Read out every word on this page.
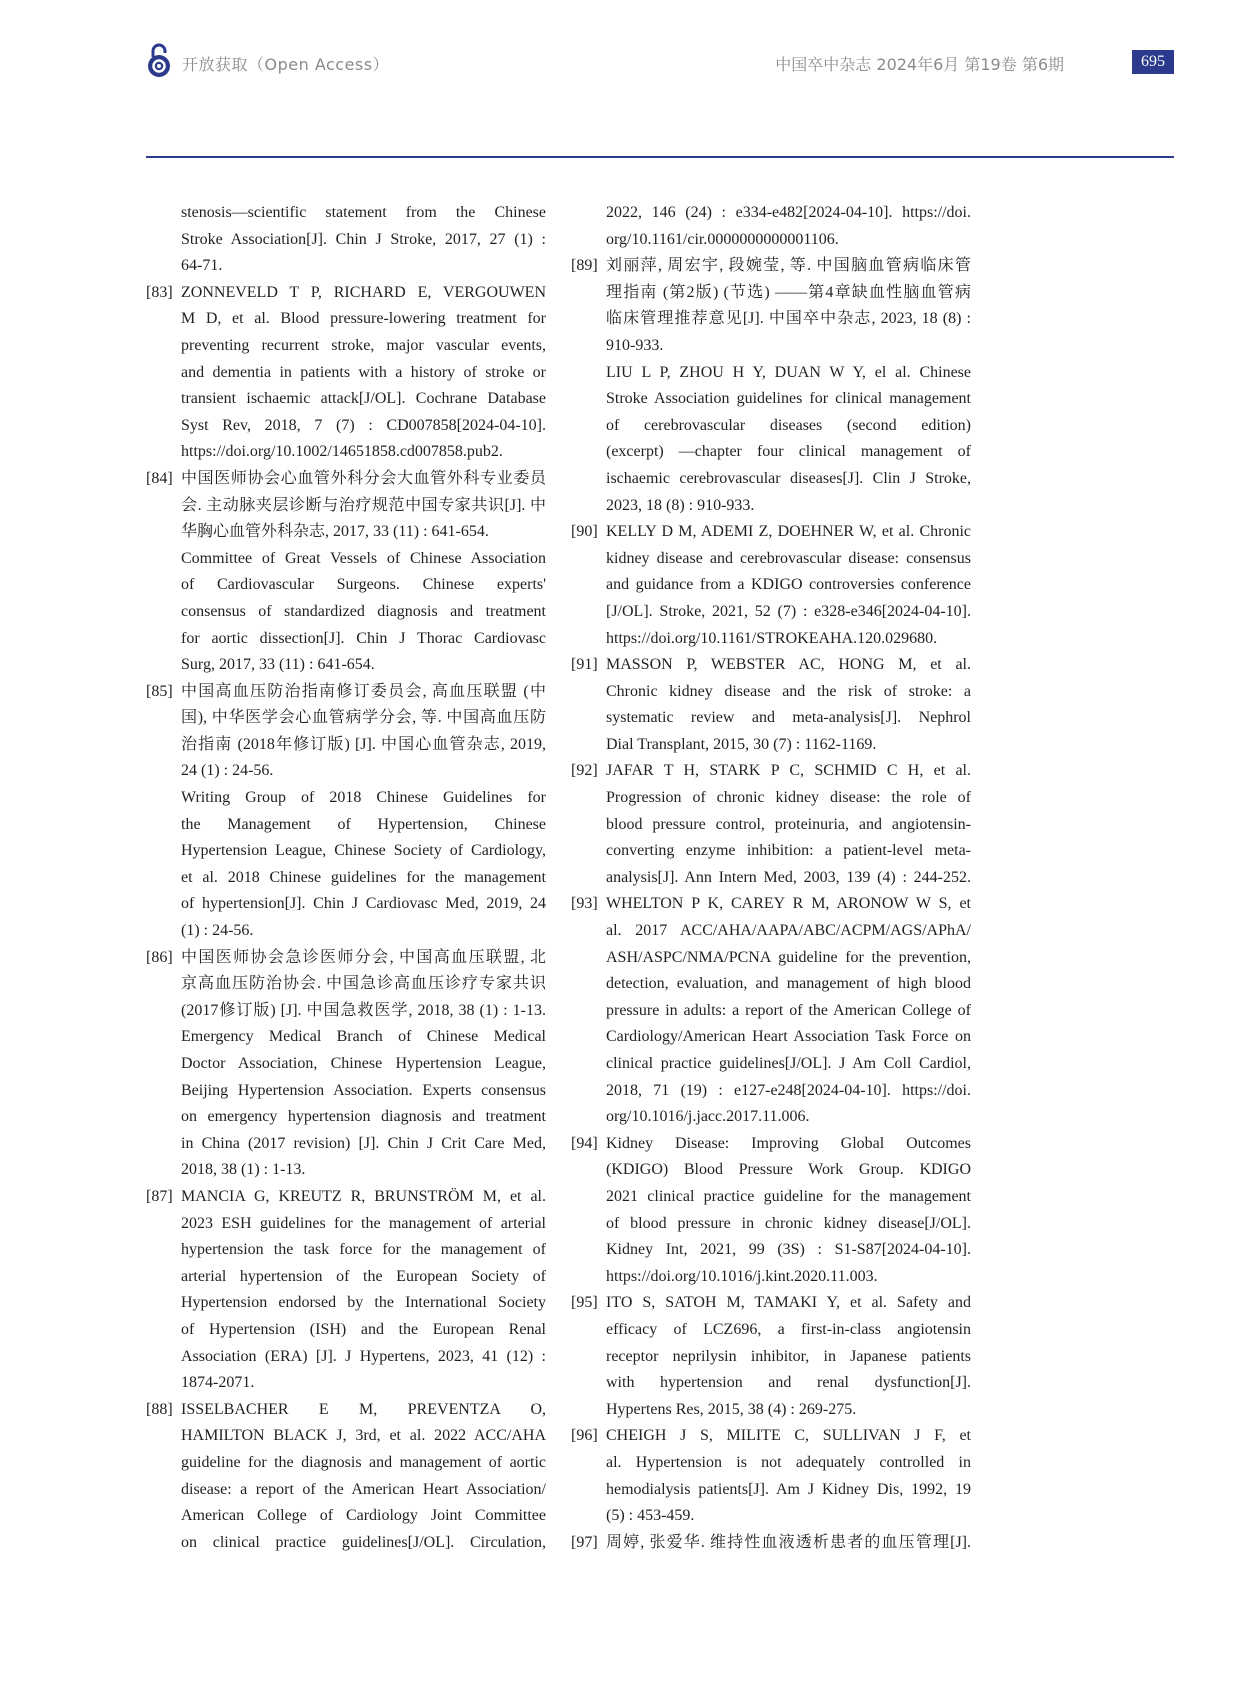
开放获取（Open Access）	中国卒中杂志 2024年6月 第19卷 第6期	695
stenosis—scientific statement from the Chinese
Stroke Association[J]. Chin J Stroke, 2017, 27 (1) :
64-71.
[83] ZONNEVELD T P, RICHARD E, VERGOUWEN
M D, et al. Blood pressure-lowering treatment for
preventing recurrent stroke, major vascular events,
and dementia in patients with a history of stroke or
transient ischaemic attack[J/OL]. Cochrane Database
Syst Rev, 2018, 7 (7) : CD007858[2024-04-10].
https://doi.org/10.1002/14651858.cd007858.pub2.
[84] 中国医师协会心血管外科分会大血管外科专业委员
会. 主动脉夹层诊断与治疗规范中国专家共识[J]. 中
华胸心血管外科杂志, 2017, 33 (11) : 641-654.
Committee of Great Vessels of Chinese Association
of Cardiovascular Surgeons. Chinese experts'
consensus of standardized diagnosis and treatment
for aortic dissection[J]. Chin J Thorac Cardiovasc
Surg, 2017, 33 (11) : 641-654.
[85] 中国高血压防治指南修订委员会, 高血压联盟 (中
国), 中华医学会心血管病学分会, 等. 中国高血压防
治指南 (2018年修订版) [J]. 中国心血管杂志, 2019,
24 (1) : 24-56.
Writing Group of 2018 Chinese Guidelines for
the Management of Hypertension, Chinese
Hypertension League, Chinese Society of Cardiology,
et al. 2018 Chinese guidelines for the management
of hypertension[J]. Chin J Cardiovasc Med, 2019, 24
(1) : 24-56.
[86] 中国医师协会急诊医师分会, 中国高血压联盟, 北
京高血压防治协会. 中国急诊高血压诊疗专家共识
(2017修订版) [J]. 中国急救医学, 2018, 38 (1) : 1-13.
Emergency Medical Branch of Chinese Medical
Doctor Association, Chinese Hypertension League,
Beijing Hypertension Association. Experts consensus
on emergency hypertension diagnosis and treatment
in China (2017 revision) [J]. Chin J Crit Care Med,
2018, 38 (1) : 1-13.
[87] MANCIA G, KREUTZ R, BRUNSTRÖM M, et al.
2023 ESH guidelines for the management of arterial
hypertension the task force for the management of
arterial hypertension of the European Society of
Hypertension endorsed by the International Society
of Hypertension (ISH) and the European Renal
Association (ERA) [J]. J Hypertens, 2023, 41 (12) :
1874-2071.
[88] ISSELBACHER E M, PREVENTZA O,
HAMILTON BLACK J, 3rd, et al. 2022 ACC/AHA
guideline for the diagnosis and management of aortic
disease: a report of the American Heart Association/
American College of Cardiology Joint Committee
on clinical practice guidelines[J/OL]. Circulation,
2022, 146 (24) : e334-e482[2024-04-10]. https://doi.
org/10.1161/cir.0000000000001106.
[89] 刘丽萍, 周宏宇, 段婉莹, 等. 中国脑血管病临床管
理指南 (第2版) (节选) ——第4章缺血性脑血管病
临床管理推荐意见[J]. 中国卒中杂志, 2023, 18 (8) :
910-933.
LIU L P, ZHOU H Y, DUAN W Y, el al. Chinese
Stroke Association guidelines for clinical management
of cerebrovascular diseases (second edition)
(excerpt) —chapter four clinical management of
ischaemic cerebrovascular diseases[J]. Clin J Stroke,
2023, 18 (8) : 910-933.
[90] KELLY D M, ADEMI Z, DOEHNER W, et al. Chronic
kidney disease and cerebrovascular disease: consensus
and guidance from a KDIGO controversies conference
[J/OL]. Stroke, 2021, 52 (7) : e328-e346[2024-04-10].
https://doi.org/10.1161/STROKEAHA.120.029680.
[91] MASSON P, WEBSTER AC, HONG M, et al.
Chronic kidney disease and the risk of stroke: a
systematic review and meta-analysis[J]. Nephrol
Dial Transplant, 2015, 30 (7) : 1162-1169.
[92] JAFAR T H, STARK P C, SCHMID C H, et al.
Progression of chronic kidney disease: the role of
blood pressure control, proteinuria, and angiotensin-
converting enzyme inhibition: a patient-level meta-
analysis[J]. Ann Intern Med, 2003, 139 (4) : 244-252.
[93] WHELTON P K, CAREY R M, ARONOW W S, et
al. 2017 ACC/AHA/AAPA/ABC/ACPM/AGS/APhA/
ASH/ASPC/NMA/PCNA guideline for the prevention,
detection, evaluation, and management of high blood
pressure in adults: a report of the American College of
Cardiology/American Heart Association Task Force on
clinical practice guidelines[J/OL]. J Am Coll Cardiol,
2018, 71 (19) : e127-e248[2024-04-10]. https://doi.
org/10.1016/j.jacc.2017.11.006.
[94] Kidney Disease: Improving Global Outcomes
(KDIGO) Blood Pressure Work Group. KDIGO
2021 clinical practice guideline for the management
of blood pressure in chronic kidney disease[J/OL].
Kidney Int, 2021, 99 (3S) : S1-S87[2024-04-10].
https://doi.org/10.1016/j.kint.2020.11.003.
[95] ITO S, SATOH M, TAMAKI Y, et al. Safety and
efficacy of LCZ696, a first-in-class angiotensin
receptor neprilysin inhibitor, in Japanese patients
with hypertension and renal dysfunction[J].
Hypertens Res, 2015, 38 (4) : 269-275.
[96] CHEIGH J S, MILITE C, SULLIVAN J F, et
al. Hypertension is not adequately controlled in
hemodialysis patients[J]. Am J Kidney Dis, 1992, 19
(5) : 453-459.
[97] 周婷, 张爱华. 维持性血液透析患者的血压管理[J].
